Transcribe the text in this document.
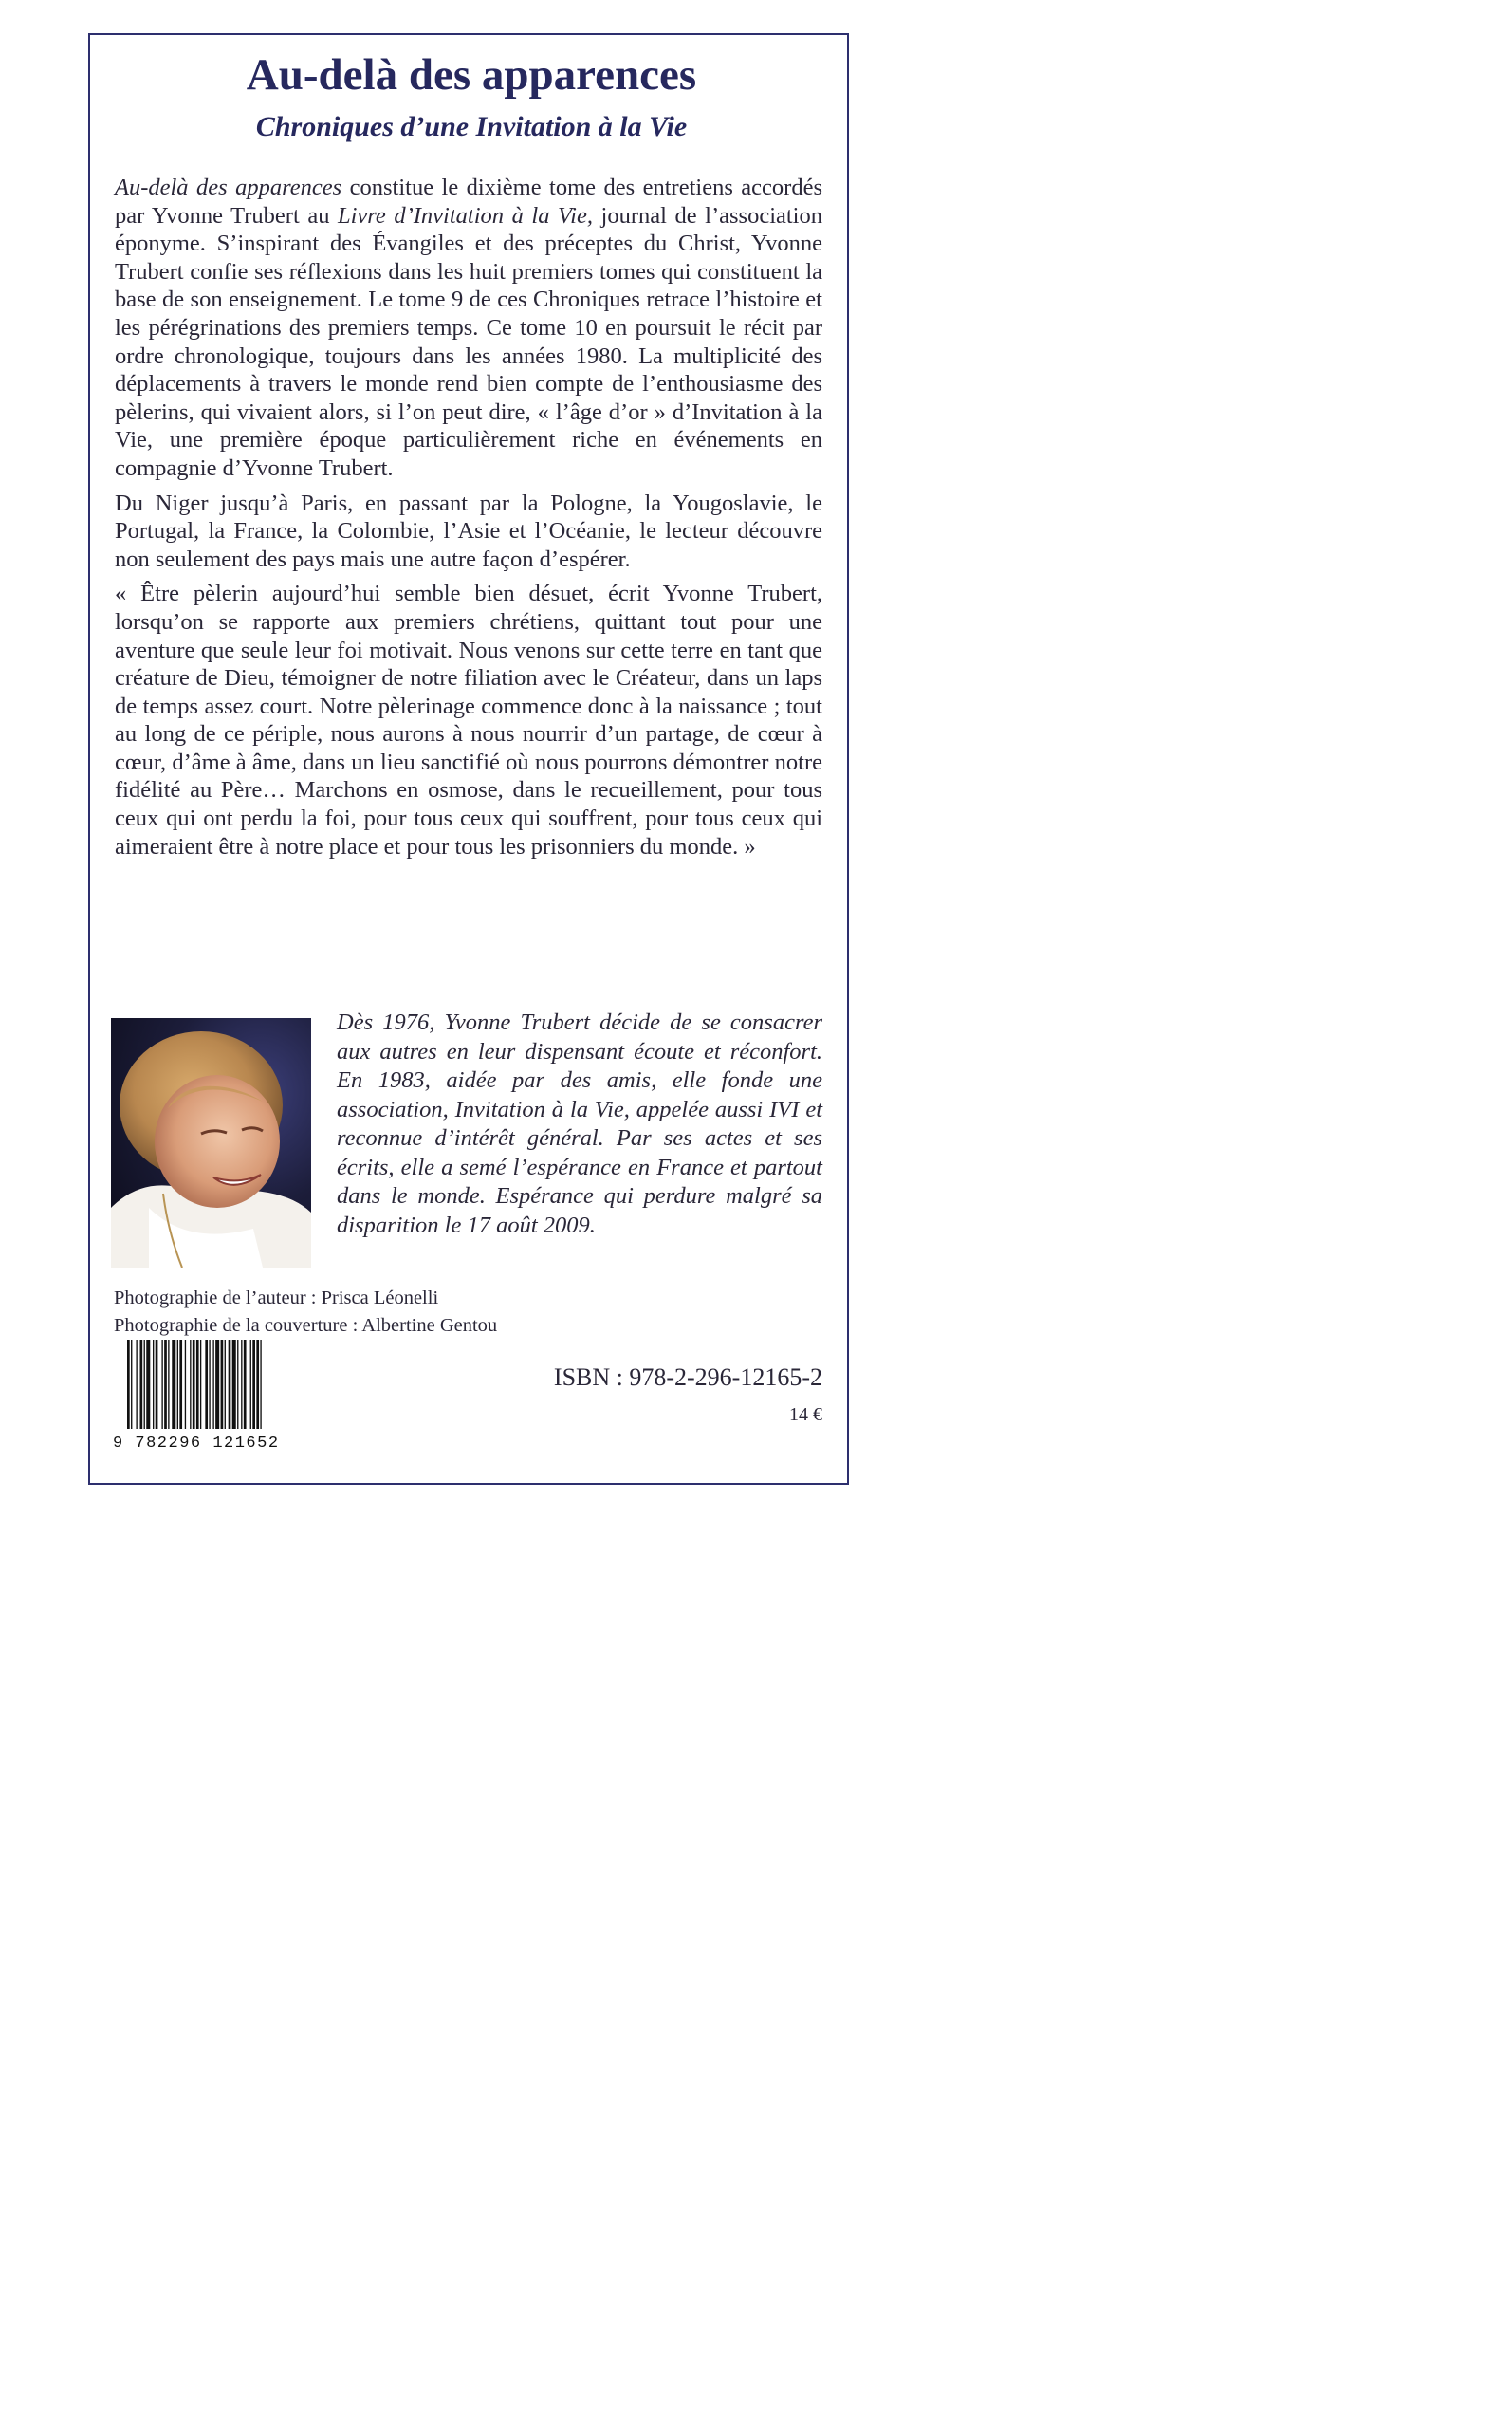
Au-delà des apparences
Chroniques d’une Invitation à la Vie

Au-delà des apparences constitue le dixième tome des entretiens accordés par Yvonne Trubert au Livre d’Invitation à la Vie, journal de l’association éponyme. S’inspirant des Évangiles et des préceptes du Christ, Yvonne Trubert confie ses réflexions dans les huit premiers tomes qui constituent la base de son enseignement. Le tome 9 de ces Chroniques retrace l’histoire et les pérégrinations des premiers temps. Ce tome 10 en poursuit le récit par ordre chronologique, toujours dans les années 1980. La multiplicité des déplacements à travers le monde rend bien compte de l’enthousiasme des pèlerins, qui vivaient alors, si l’on peut dire, « l’âge d’or » d’Invitation à la Vie, une première époque particulièrement riche en événements en compagnie d’Yvonne Trubert.

Du Niger jusqu’à Paris, en passant par la Pologne, la Yougoslavie, le Portugal, la France, la Colombie, l’Asie et l’Océanie, le lecteur découvre non seulement des pays mais une autre façon d’espérer.

« Être pèlerin aujourd’hui semble bien désuet, écrit Yvonne Trubert, lorsqu’on se rapporte aux premiers chrétiens, quittant tout pour une aventure que seule leur foi motivait. Nous venons sur cette terre en tant que créature de Dieu, témoigner de notre filiation avec le Créateur, dans un laps de temps assez court. Notre pèlerinage commence donc à la naissance ; tout au long de ce périple, nous aurons à nous nourrir d’un partage, de cœur à cœur, d’âme à âme, dans un lieu sanctifié où nous pourrons démontrer notre fidélité au Père… Marchons en osmose, dans le recueillement, pour tous ceux qui ont perdu la foi, pour tous ceux qui souffrent, pour tous ceux qui aimeraient être à notre place et pour tous les prisonniers du monde. »

Dès 1976, Yvonne Trubert décide de se consacrer aux autres en leur dispensant écoute et réconfort. En 1983, aidée par des amis, elle fonde une association, Invitation à la Vie, appelée aussi IVI et reconnue d’intérêt général. Par ses actes et ses écrits, elle a semé l’espérance en France et partout dans le monde. Espérance qui perdure malgré sa disparition le 17 août 2009.

Photographie de l’auteur : Prisca Léonelli
Photographie de la couverture : Albertine Gentou
9 782296 121652
ISBN : 978-2-296-12165-2
14 €
